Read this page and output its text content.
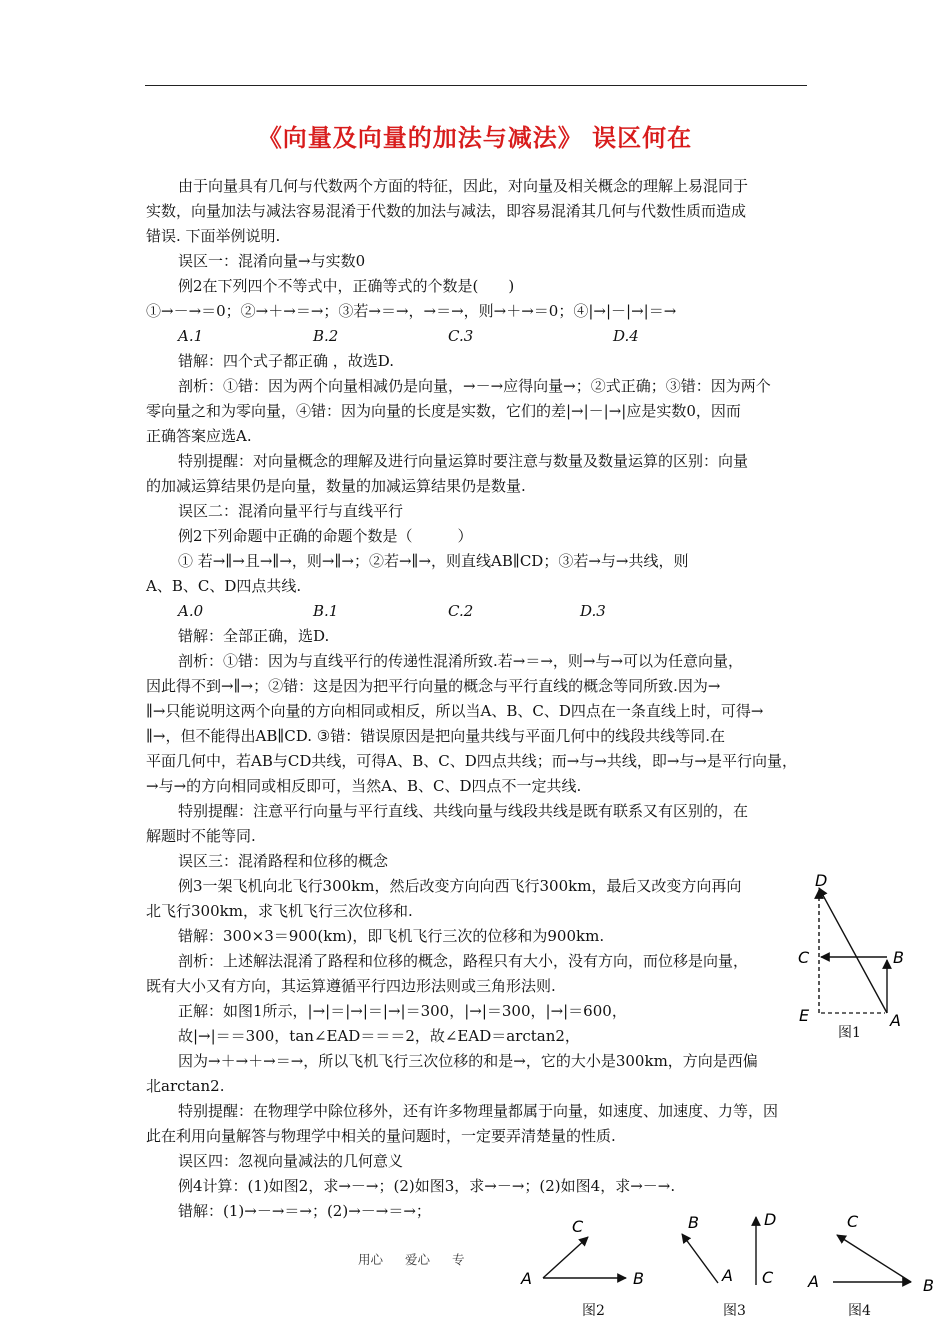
《向量及向量的加法与减法》 误区何在
由于向量具有几何与代数两个方面的特征，因此，对向量及相关概念的理解上易混同于
实数，向量加法与减法容易混淆于代数的加法与减法，即容易混淆其几何与代数性质而造成
错误. 下面举例说明.
误区一：混淆向量→与实数0
例2在下列四个不等式中，正确等式的个数是(　　)
①→－→＝0；②→＋→＝→；③若→＝→，→＝→，则→＋→＝0；④|→|－|→|＝→
A.1	B.2	C.3	D.4
错解：四个式子都正确 ，故选D.
剖析：①错：因为两个向量相减仍是向量，→－→应得向量→；②式正确；③错：因为两个
零向量之和为零向量，④错：因为向量的长度是实数，它们的差|→|－|→|应是实数0，因而
正确答案应选A.
特别提醒：对向量概念的理解及进行向量运算时要注意与数量及数量运算的区别：向量
的加减运算结果仍是向量，数量的加减运算结果仍是数量.
误区二：混淆向量平行与直线平行
例2下列命题中正确的命题个数是（　　　）
① 若→∥→且→∥→，则→∥→；②若→∥→，则直线AB∥CD；③若→与→共线，则
A、B、C、D四点共线.
A.0	B.1	C.2	D.3
错解：全部正确，选D.
剖析：①错：因为与直线平行的传递性混淆所致.若→＝→，则→与→可以为任意向量，
因此得不到→∥→；②错：这是因为把平行向量的概念与平行直线的概念等同所致.因为→
∥→只能说明这两个向量的方向相同或相反，所以当A、B、C、D四点在一条直线上时，可得→
∥→，但不能得出AB∥CD. ③错：错误原因是把向量共线与平面几何中的线段共线等同.在
平面几何中，若AB与CD共线，可得A、B、C、D四点共线；而→与→共线，即→与→是平行向量，
→与→的方向相同或相反即可，当然A、B、C、D四点不一定共线.
特别提醒：注意平行向量与平行直线、共线向量与线段共线是既有联系又有区别的，在
解题时不能等同.
误区三：混淆路程和位移的概念
例3一架飞机向北飞行300km，然后改变方向向西飞行300km，最后又改变方向再向
北飞行300km，求飞机飞行三次位移和.
错解：300×3＝900(km)，即飞机飞行三次的位移和为900km.
剖析：上述解法混淆了路程和位移的概念，路程只有大小，没有方向，而位移是向量，
既有大小又有方向，其运算遵循平行四边形法则或三角形法则.
正解：如图1所示，|→|＝|→|＝|→|＝300，|→|＝300，|→|＝600，
故|→|＝＝300，tan∠EAD＝＝＝2，故∠EAD＝arctan2，
因为→＋→＋→＝→，所以飞机飞行三次位移的和是→，它的大小是300km，方向是西偏
北arctan2.
特别提醒：在物理学中除位移外，还有许多物理量都属于向量，如速度、加速度、力等，因
此在利用向量解答与物理学中相关的量问题时，一定要弄清楚量的性质.
误区四：忽视向量减法的几何意义
例4计算：(1)如图2，求→－→；(2)如图3，求→－→；(2)如图4，求→－→.
错解：(1)→－→＝→；(2)→－→＝→；
D
C	B
E	A
图1
C
A	B
图2
B	D
A C
图3
C
A	B
图4
用心 爱心 专
